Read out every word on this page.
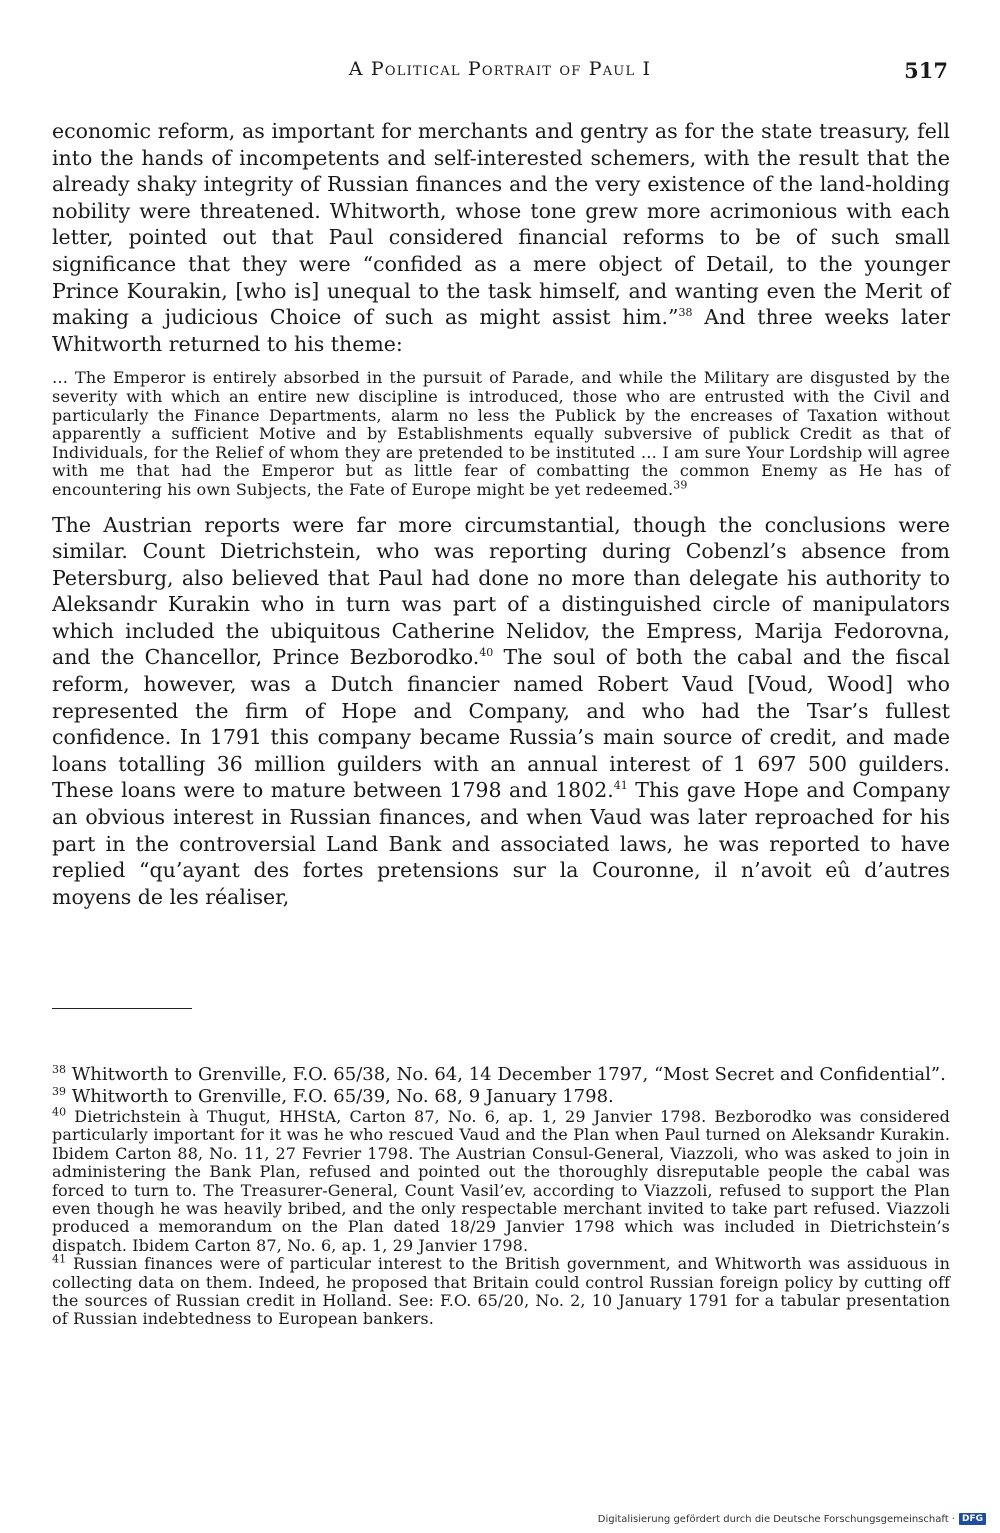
A Political Portrait of Paul I	517

economic reform, as important for merchants and gentry as for the state treasury, fell into the hands of incompetents and self-interested schemers, with the result that the already shaky integrity of Russian finances and the very existence of the land-holding nobility were threatened. Whitworth, whose tone grew more acrimonious with each letter, pointed out that Paul considered financial reforms to be of such small significance that they were “confided as a mere object of Detail, to the younger Prince Kourakin, [who is] unequal to the task himself, and wanting even the Merit of making a judicious Choice of such as might assist him.”$^{38}$ And three weeks later Whitworth returned to his theme:

… The Emperor is entirely absorbed in the pursuit of Parade, and while the Military are disgusted by the severity with which an entire new discipline is introduced, those who are entrusted with the Civil and particularly the Finance Departments, alarm no less the Publick by the encreases of Taxation without apparently a sufficient Motive and by Establishments equally subversive of publick Credit as that of Individuals, for the Relief of whom they are pretended to be instituted … I am sure Your Lordship will agree with me that had the Emperor but as little fear of combatting the common Enemy as He has of encountering his own Subjects, the Fate of Europe might be yet redeemed.$^{39}$

The Austrian reports were far more circumstantial, though the conclusions were similar. Count Dietrichstein, who was reporting during Cobenzl’s absence from Petersburg, also believed that Paul had done no more than delegate his authority to Aleksandr Kurakin who in turn was part of a distinguished circle of manipulators which included the ubiquitous Catherine Nelidov, the Empress, Marija Fedorovna, and the Chancellor, Prince Bezborodko.$^{40}$ The soul of both the cabal and the fiscal reform, however, was a Dutch financier named Robert Vaud [Voud, Wood] who represented the firm of Hope and Company, and who had the Tsar’s fullest confidence. In 1791 this company became Russia’s main source of credit, and made loans totalling 36 million guilders with an annual interest of 1 697 500 guilders. These loans were to mature between 1798 and 1802.41 This gave Hope and Company an obvious interest in Russian finances, and when Vaud was later reproached for his part in the controversial Land Bank and associated laws, he was reported to have replied “qu’ayant des fortes pretensions sur la Couronne, il n’avoit eû d’autres moyens de les réaliser,

$^{38}$ Whitworth to Grenville, F.O. 65/38, No. 64, 14 December 1797, “Most Secret and Confidential”.

$^{39}$ Whitworth to Grenville, F.O. 65/39, No. 68, 9 January 1798.

$^{40}$ Dietrichstein à Thugut, HHStA, Carton 87, No. 6, ap. 1, 29 Janvier 1798. Bezborodko was considered particularly important for it was he who rescued Vaud and the Plan when Paul turned on Aleksandr Kurakin. Ibidem Carton 88, No. 11, 27 Fevrier 1798. The Austrian Consul-General, Viazzoli, who was asked to join in administering the Bank Plan, refused and pointed out the thoroughly disreputable people the cabal was forced to turn to. The Treasurer-General, Count Vasil’ev, according to Viazzoli, refused to support the Plan even though he was heavily bribed, and the only respectable merchant invited to take part refused. Viazzoli produced a memorandum on the Plan dated 18/29 Janvier 1798 which was included in Dietrichstein’s dispatch. Ibidem Carton 87, No. 6, ap. 1, 29 Janvier 1798.

$^{41}$ Russian finances were of particular interest to the British government, and Whitworth was assiduous in collecting data on them. Indeed, he proposed that Britain could control Russian foreign policy by cutting off the sources of Russian credit in Holland. See: F.O. 65/20, No. 2, 10 January 1791 for a tabular presentation of Russian indebtedness to European bankers.

Digitalisierung gefördert durch die Deutsche Forschungsgemeinschaft · DFG
